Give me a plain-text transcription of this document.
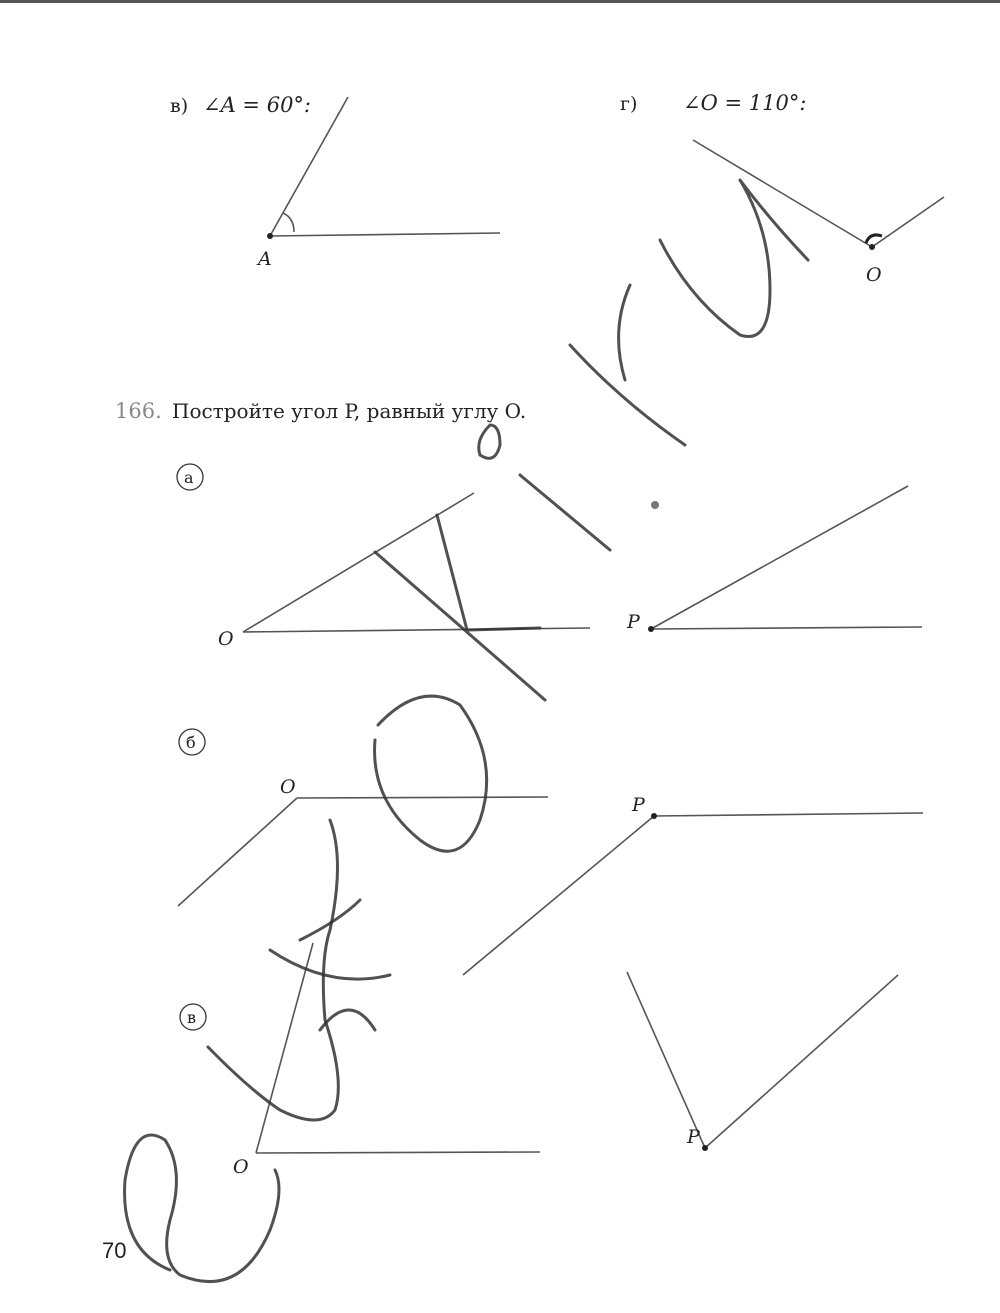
в) ∠A = 60°:
A
г) ∠O = 110°:
O
166. Постройте угол P, равный углу O.
а
O
P
б
O
P
в
O
P
70
